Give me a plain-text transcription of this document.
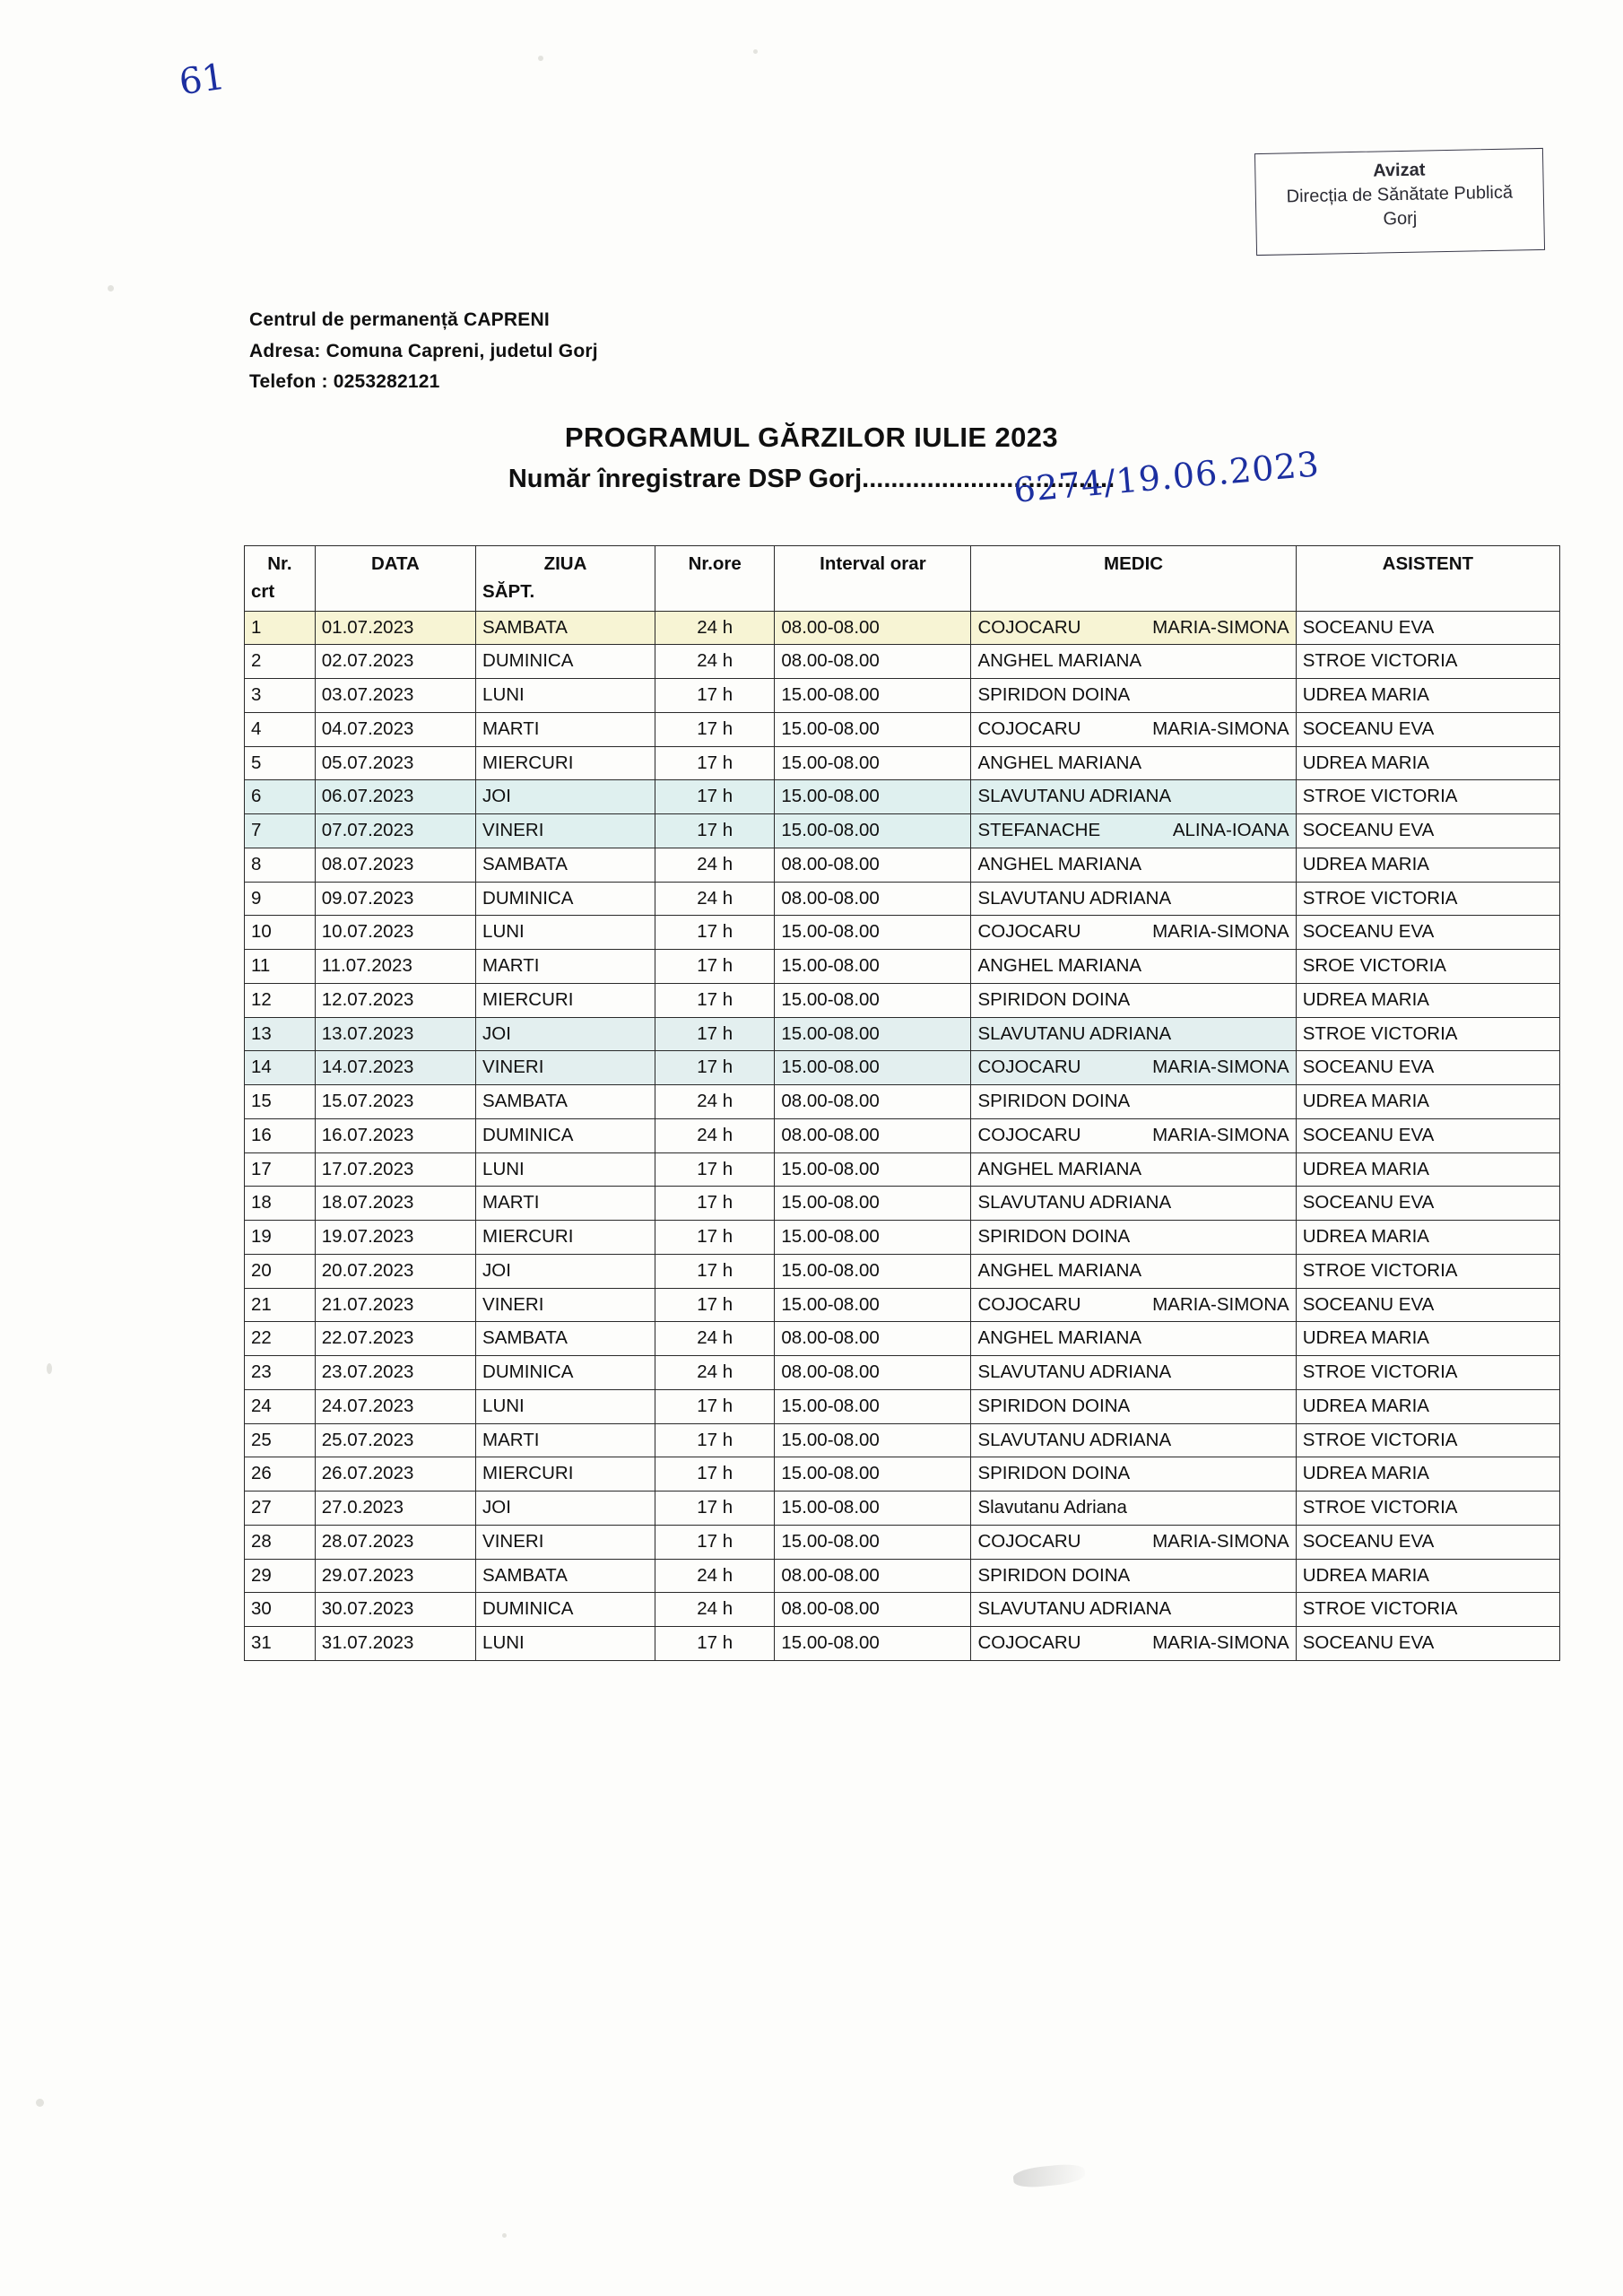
Avizat
Direcția de Sănătate Publică
Gorj
61
Centrul de permanență CAPRENI
Adresa: Comuna Capreni, judetul Gorj
Telefon : 0253282121
PROGRAMUL GĂRZILOR IULIE 2023
Număr înregistrare DSP Gorj...................................
6274/19.06.2023
Nr.
crt
	DATA	ZIUA
SĂPT.
	Nr.ore	Interval orar	MEDIC	ASISTENT
1	01.07.2023	SAMBATA	24 h	08.00-08.00	COJOCARU MARIA-SIMONA	SOCEANU EVA
2	02.07.2023	DUMINICA	24 h	08.00-08.00	ANGHEL MARIANA	STROE VICTORIA
3	03.07.2023	LUNI	17 h	15.00-08.00	SPIRIDON DOINA	UDREA MARIA
4	04.07.2023	MARTI	17 h	15.00-08.00	COJOCARU MARIA-SIMONA	SOCEANU EVA
5	05.07.2023	MIERCURI	17 h	15.00-08.00	ANGHEL MARIANA	UDREA MARIA
6	06.07.2023	JOI	17 h	15.00-08.00	SLAVUTANU ADRIANA	STROE VICTORIA
7	07.07.2023	VINERI	17 h	15.00-08.00	STEFANACHE ALINA-IOANA	SOCEANU EVA
8	08.07.2023	SAMBATA	24 h	08.00-08.00	ANGHEL MARIANA	UDREA MARIA
9	09.07.2023	DUMINICA	24 h	08.00-08.00	SLAVUTANU ADRIANA	STROE VICTORIA
10	10.07.2023	LUNI	17 h	15.00-08.00	COJOCARU MARIA-SIMONA	SOCEANU EVA
11	11.07.2023	MARTI	17 h	15.00-08.00	ANGHEL MARIANA	SROE VICTORIA
12	12.07.2023	MIERCURI	17 h	15.00-08.00	SPIRIDON DOINA	UDREA MARIA
13	13.07.2023	JOI	17 h	15.00-08.00	SLAVUTANU ADRIANA	STROE VICTORIA
14	14.07.2023	VINERI	17 h	15.00-08.00	COJOCARU MARIA-SIMONA	SOCEANU EVA
15	15.07.2023	SAMBATA	24 h	08.00-08.00	SPIRIDON DOINA	UDREA MARIA
16	16.07.2023	DUMINICA	24 h	08.00-08.00	COJOCARU MARIA-SIMONA	SOCEANU EVA
17	17.07.2023	LUNI	17 h	15.00-08.00	ANGHEL MARIANA	UDREA MARIA
18	18.07.2023	MARTI	17 h	15.00-08.00	SLAVUTANU ADRIANA	SOCEANU EVA
19	19.07.2023	MIERCURI	17 h	15.00-08.00	SPIRIDON DOINA	UDREA MARIA
20	20.07.2023	JOI	17 h	15.00-08.00	ANGHEL MARIANA	STROE VICTORIA
21	21.07.2023	VINERI	17 h	15.00-08.00	COJOCARU MARIA-SIMONA	SOCEANU EVA
22	22.07.2023	SAMBATA	24 h	08.00-08.00	ANGHEL MARIANA	UDREA MARIA
23	23.07.2023	DUMINICA	24 h	08.00-08.00	SLAVUTANU ADRIANA	STROE VICTORIA
24	24.07.2023	LUNI	17 h	15.00-08.00	SPIRIDON DOINA	UDREA MARIA
25	25.07.2023	MARTI	17 h	15.00-08.00	SLAVUTANU ADRIANA	STROE VICTORIA
26	26.07.2023	MIERCURI	17 h	15.00-08.00	SPIRIDON DOINA	UDREA MARIA
27	27.0.2023	JOI	17 h	15.00-08.00	Slavutanu Adriana	STROE VICTORIA
28	28.07.2023	VINERI	17 h	15.00-08.00	COJOCARU MARIA-SIMONA	SOCEANU EVA
29	29.07.2023	SAMBATA	24 h	08.00-08.00	SPIRIDON DOINA	UDREA MARIA
30	30.07.2023	DUMINICA	24 h	08.00-08.00	SLAVUTANU ADRIANA	STROE VICTORIA
31	31.07.2023	LUNI	17 h	15.00-08.00	COJOCARU MARIA-SIMONA	SOCEANU EVA
